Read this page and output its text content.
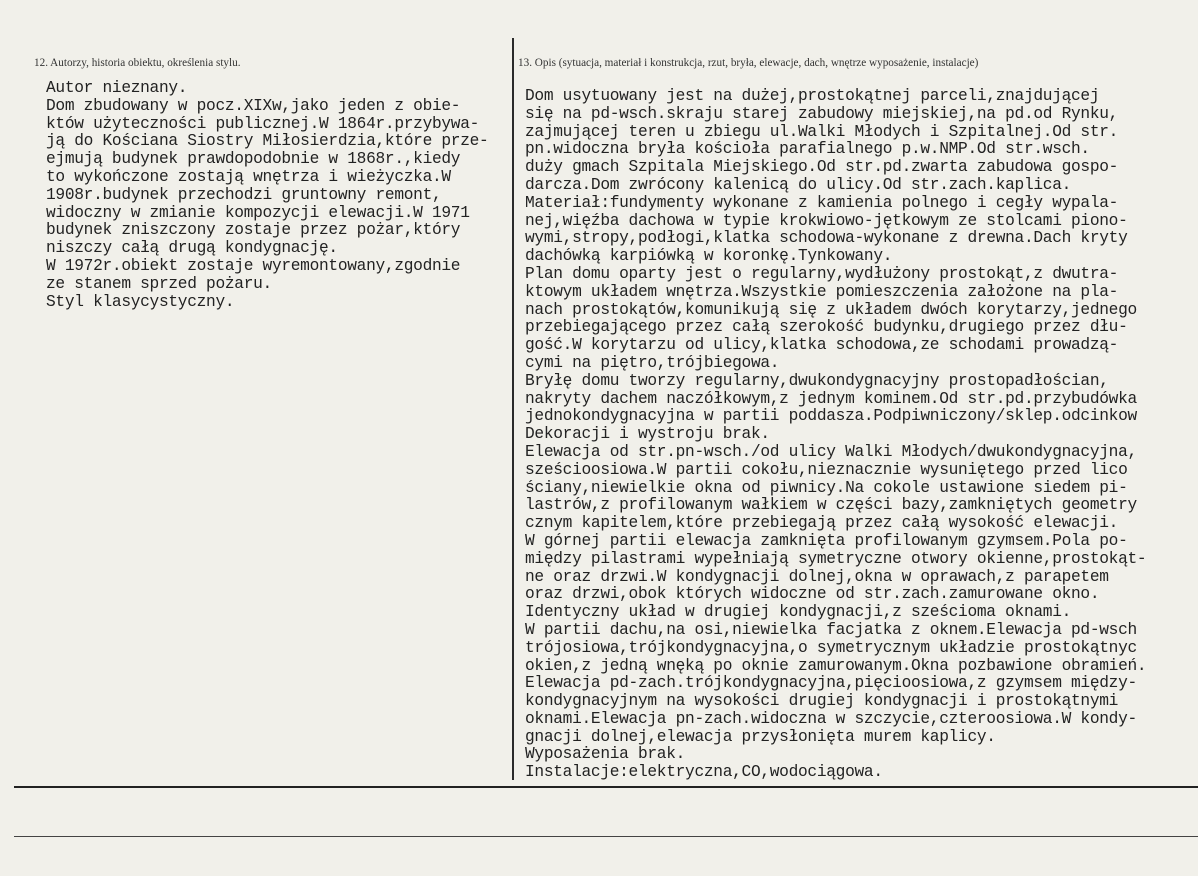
12. Autorzy, historia obiektu, określenia stylu.	13. Opis (sytuacja, materiał i konstrukcja, rzut, bryła, elewacje, dach, wnętrze wyposażenie, instalacje)
Autor nieznany.
Dom zbudowany w pocz.XIXw,jako jeden z obie-
któw użyteczności publicznej.W 1864r.przybywa-
ją do Kościana Siostry Miłosierdzia,które prze-
ejmują budynek prawdopodobnie w 1868r.,kiedy
to wykończone zostają wnętrza i wieżyczka.W
1908r.budynek przechodzi gruntowny remont,
widoczny w zmianie kompozycji elewacji.W 1971
budynek zniszczony zostaje przez pożar,który
niszczy całą drugą kondygnację.
W 1972r.obiekt zostaje wyremontowany,zgodnie
ze stanem sprzed pożaru.
Styl klasycystyczny.
Dom usytuowany jest na dużej,prostokątnej parceli,znajdującej
się na pd-wsch.skraju starej zabudowy miejskiej,na pd.od Rynku,
zajmującej teren u zbiegu ul.Walki Młodych i Szpitalnej.Od str.
pn.widoczna bryła kościoła parafialnego p.w.NMP.Od str.wsch.
duży gmach Szpitala Miejskiego.Od str.pd.zwarta zabudowa gospo-
darcza.Dom zwrócony kalenicą do ulicy.Od str.zach.kaplica.
Materiał:fundymenty wykonane z kamienia polnego i cegły wypala-
nej,więźba dachowa w typie krokwiowo-jętkowym ze stolcami piono-
wymi,stropy,podłogi,klatka schodowa-wykonane z drewna.Dach kryty
dachówką karpiówką w koronkę.Tynkowany.
Plan domu oparty jest o regularny,wydłużony prostokąt,z dwutra-
ktowym układem wnętrza.Wszystkie pomieszczenia założone na pla-
nach prostokątów,komunikują się z układem dwóch korytarzy,jednego
przebiegającego przez całą szerokość budynku,drugiego przez dłu-
gość.W korytarzu od ulicy,klatka schodowa,ze schodami prowadzą-
cymi na piętro,trójbiegowa.
Bryłę domu tworzy regularny,dwukondygnacyjny prostopadłościan,
nakryty dachem naczółkowym,z jednym kominem.Od str.pd.przybudówka
jednokondygnacyjna w partii poddasza.Podpiwniczony/sklep.odcinkow
Dekoracji i wystroju brak.
Elewacja od str.pn-wsch./od ulicy Walki Młodych/dwukondygnacyjna,
sześcioosiowa.W partii cokołu,nieznacznie wysuniętego przed lico
ściany,niewielkie okna od piwnicy.Na cokole ustawione siedem pi-
lastrów,z profilowanym wałkiem w części bazy,zamkniętych geometry
cznym kapitelem,które przebiegają przez całą wysokość elewacji.
W górnej partii elewacja zamknięta profilowanym gzymsem.Pola po-
między pilastrami wypełniają symetryczne otwory okienne,prostokąt-
ne oraz drzwi.W kondygnacji dolnej,okna w oprawach,z parapetem
oraz drzwi,obok których widoczne od str.zach.zamurowane okno.
Identyczny układ w drugiej kondygnacji,z sześcioma oknami.
W partii dachu,na osi,niewielka facjatka z oknem.Elewacja pd-wsch
trójosiowa,trójkondygnacyjna,o symetrycznym układzie prostokątnyc
okien,z jedną wnęką po oknie zamurowanym.Okna pozbawione obramień.
Elewacja pd-zach.trójkondygnacyjna,pięcioosiowa,z gzymsem między-
kondygnacyjnym na wysokości drugiej kondygnacji i prostokątnymi
oknami.Elewacja pn-zach.widoczna w szczycie,czteroosiowa.W kondy-
gnacji dolnej,elewacja przysłonięta murem kaplicy.
Wyposażenia brak.
Instalacje:elektryczna,CO,wodociągowa.
